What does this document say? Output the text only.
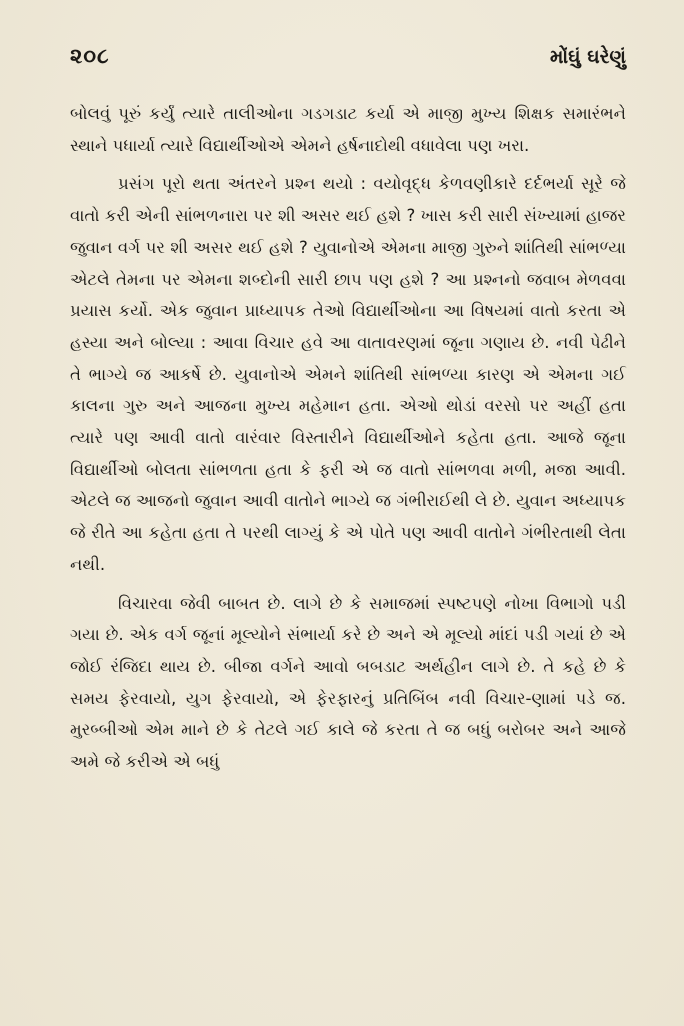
૨૦૮	મોંઘું ઘરેણું

બોલવું પૂરું કર્યું ત્યારે તાલીઓના ગડગડાટ કર્યા એ માજી મુખ્ય શિક્ષક સમારંભને સ્થાને પધાર્યા ત્યારે વિદ્યાર્થીઓએ એમને હર્ષનાદોથી વધાવેલા પણ ખરા.

પ્રસંગ પૂરો થતા અંતરને પ્રશ્ન થયો : વયોવૃદ્ધ કેળવણીકારે દર્દભર્યા સૂરે જે વાતો કરી એની સાંભળનારા પર શી અસર થઈ હશે ? ખાસ કરી સારી સંખ્યામાં હાજર જુવાન વર્ગ પર શી અસર થઈ હશે ? યુવાનોએ એમના માજી ગુરુને શાંતિથી સાંભળ્યા એટલે તેમના પર એમના શબ્દોની સારી છાપ પણ હશે ? આ પ્રશ્નનો જવાબ મેળવવા પ્રયાસ કર્યો. એક જુવાન પ્રાધ્યાપક તેઓ વિદ્યાર્થીઓના આ વિષયમાં વાતો કરતા એ હસ્યા અને બોલ્યા : આવા વિચાર હવે આ વાતાવરણમાં જૂના ગણાય છે. નવી પેઢીને તે ભાગ્યે જ આકર્ષે છે. યુવાનોએ એમને શાંતિથી સાંભળ્યા કારણ એ એમના ગઈ કાલના ગુરુ અને આજના મુખ્ય મહેમાન હતા. એઓ થોડાં વરસો પર અહીં હતા ત્યારે પણ આવી વાતો વારંવાર વિસ્તારીને વિદ્યાર્થીઓને કહેતા હતા. આજે જૂના વિદ્યાર્થીઓ બોલતા સાંભળતા હતા કે ફરી એ જ વાતો સાંભળવા મળી, મજા આવી. એટલે જ આજનો જુવાન આવી વાતોને ભાગ્યે જ ગંભીરાઈથી લે છે. યુવાન અધ્યાપક જે રીતે આ કહેતા હતા તે પરથી લાગ્યું કે એ પોતે પણ આવી વાતોને ગંભીરતાથી લેતા નથી.

વિચારવા જેવી બાબત છે. લાગે છે કે સમાજમાં સ્પષ્ટપણે નોખા વિભાગો પડી ગયા છે. એક વર્ગ જૂનાં મૂલ્યોને સંભાર્યા કરે છે અને એ મૂલ્યો માંદાં પડી ગયાં છે એ જોઈ રંજિદા થાય છે. બીજા વર્ગને આવો બબડાટ અર્થહીન લાગે છે. તે કહે છે કે સમય ફેરવાયો, યુગ ફેરવાયો, એ ફેરફારનું પ્રતિબિંબ નવી વિચાર-ણામાં પડે જ. મુરબ્બીઓ એમ માને છે કે તેટલે ગઈ કાલે જે કરતા તે જ બધું બરોબર અને આજે અમે જે કરીએ એ બધું
